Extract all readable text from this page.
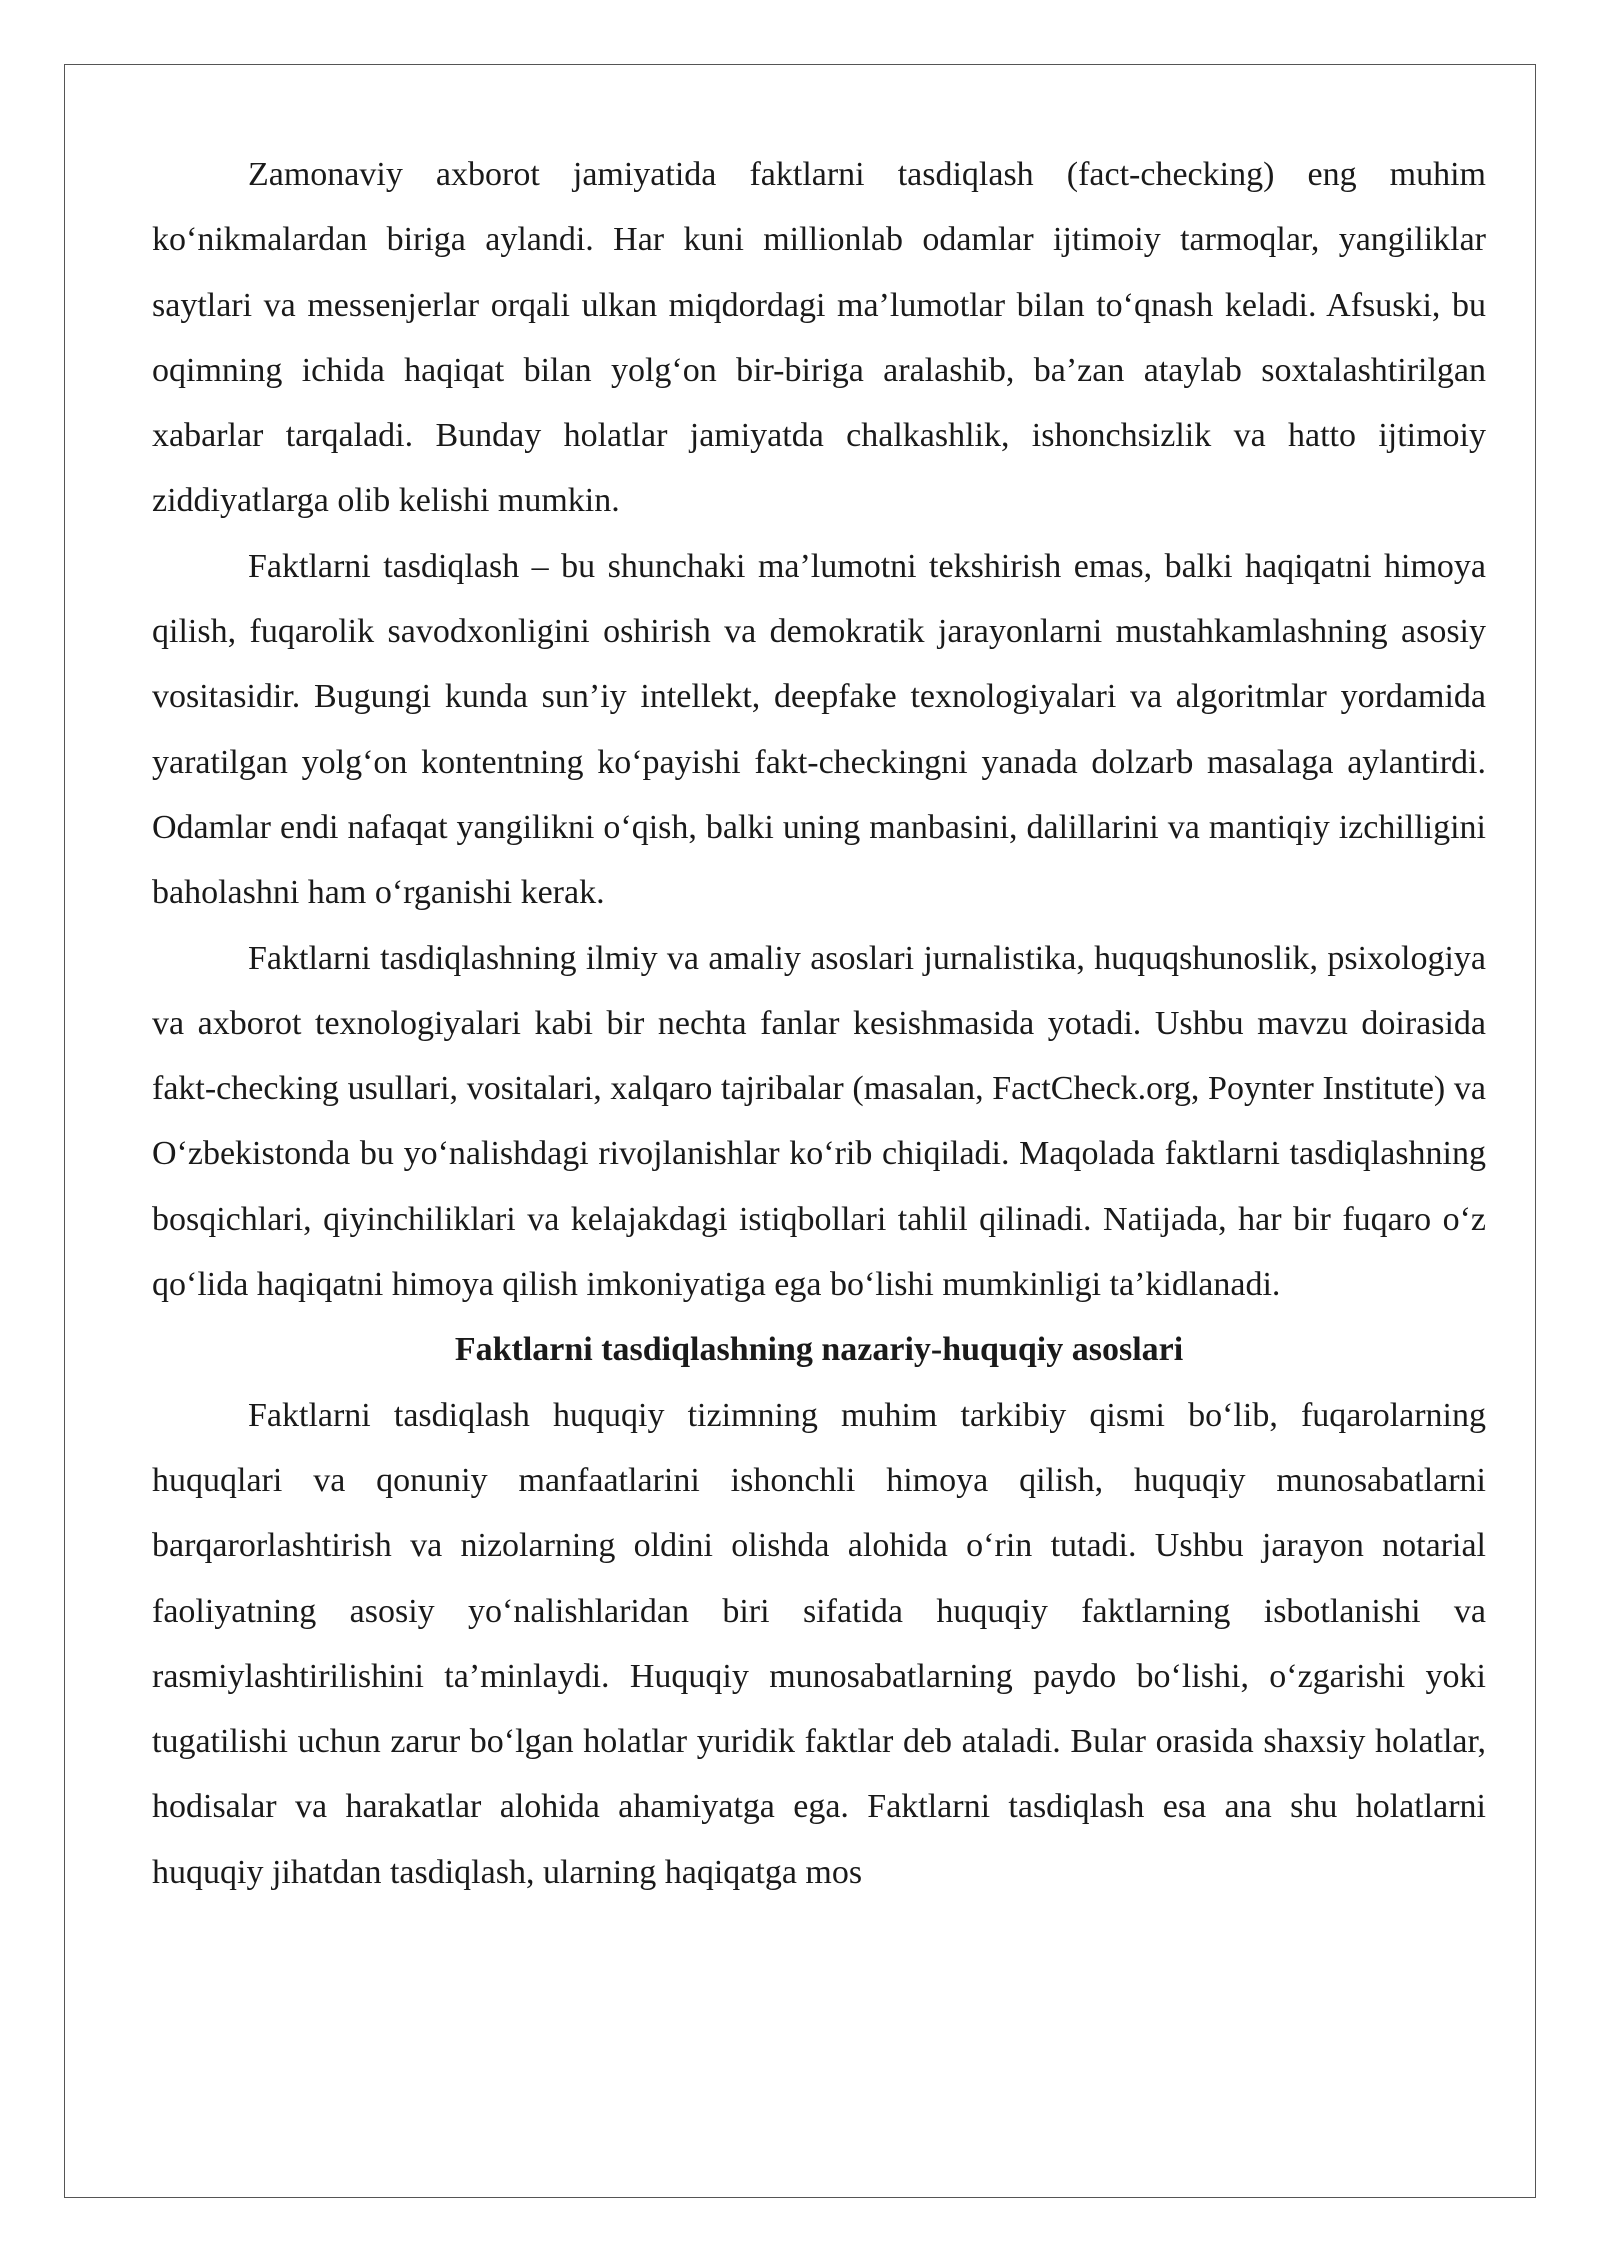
Zamonaviy axborot jamiyatida faktlarni tasdiqlash (fact-checking) eng muhim ko‘nikmalardan biriga aylandi. Har kuni millionlab odamlar ijtimoiy tarmoqlar, yangiliklar saytlari va messenjerlar orqali ulkan miqdordagi ma’lumotlar bilan to‘qnash keladi. Afsuski, bu oqimning ichida haqiqat bilan yolg‘on bir-biriga aralashib, ba’zan ataylab soxtalashtirilgan xabarlar tarqaladi. Bunday holatlar jamiyatda chalkashlik, ishonchsizlik va hatto ijtimoiy ziddiyatlarga olib kelishi mumkin.

Faktlarni tasdiqlash – bu shunchaki ma’lumotni tekshirish emas, balki haqiqatni himoya qilish, fuqarolik savodxonligini oshirish va demokratik jarayonlarni mustahkamlashning asosiy vositasidir. Bugungi kunda sun’iy intellekt, deepfake texnologiyalari va algoritmlar yordamida yaratilgan yolg‘on kontentning ko‘payishi fakt-checkingni yanada dolzarb masalaga aylantirdi. Odamlar endi nafaqat yangilikni o‘qish, balki uning manbasini, dalillarini va mantiqiy izchilligini baholashni ham o‘rganishi kerak.

Faktlarni tasdiqlashning ilmiy va amaliy asoslari jurnalistika, huquqshunoslik, psixologiya va axborot texnologiyalari kabi bir nechta fanlar kesishmasida yotadi. Ushbu mavzu doirasida fakt-checking usullari, vositalari, xalqaro tajribalar (masalan, FactCheck.org, Poynter Institute) va O‘zbekistonda bu yo‘nalishdagi rivojlanishlar ko‘rib chiqiladi. Maqolada faktlarni tasdiqlashning bosqichlari, qiyinchiliklari va kelajakdagi istiqbollari tahlil qilinadi. Natijada, har bir fuqaro o‘z qo‘lida haqiqatni himoya qilish imkoniyatiga ega bo‘lishi mumkinligi ta’kidlanadi.

Faktlarni tasdiqlashning nazariy-huquqiy asoslari

Faktlarni tasdiqlash huquqiy tizimning muhim tarkibiy qismi bo‘lib, fuqarolarning huquqlari va qonuniy manfaatlarini ishonchli himoya qilish, huquqiy munosabatlarni barqarorlashtirish va nizolarning oldini olishda alohida o‘rin tutadi. Ushbu jarayon notarial faoliyatning asosiy yo‘nalishlaridan biri sifatida huquqiy faktlarning isbotlanishi va rasmiylashtirilishini ta’minlaydi. Huquqiy munosabatlarning paydo bo‘lishi, o‘zgarishi yoki tugatilishi uchun zarur bo‘lgan holatlar yuridik faktlar deb ataladi. Bular orasida shaxsiy holatlar, hodisalar va harakatlar alohida ahamiyatga ega. Faktlarni tasdiqlash esa ana shu holatlarni huquqiy jihatdan tasdiqlash, ularning haqiqatga mos
